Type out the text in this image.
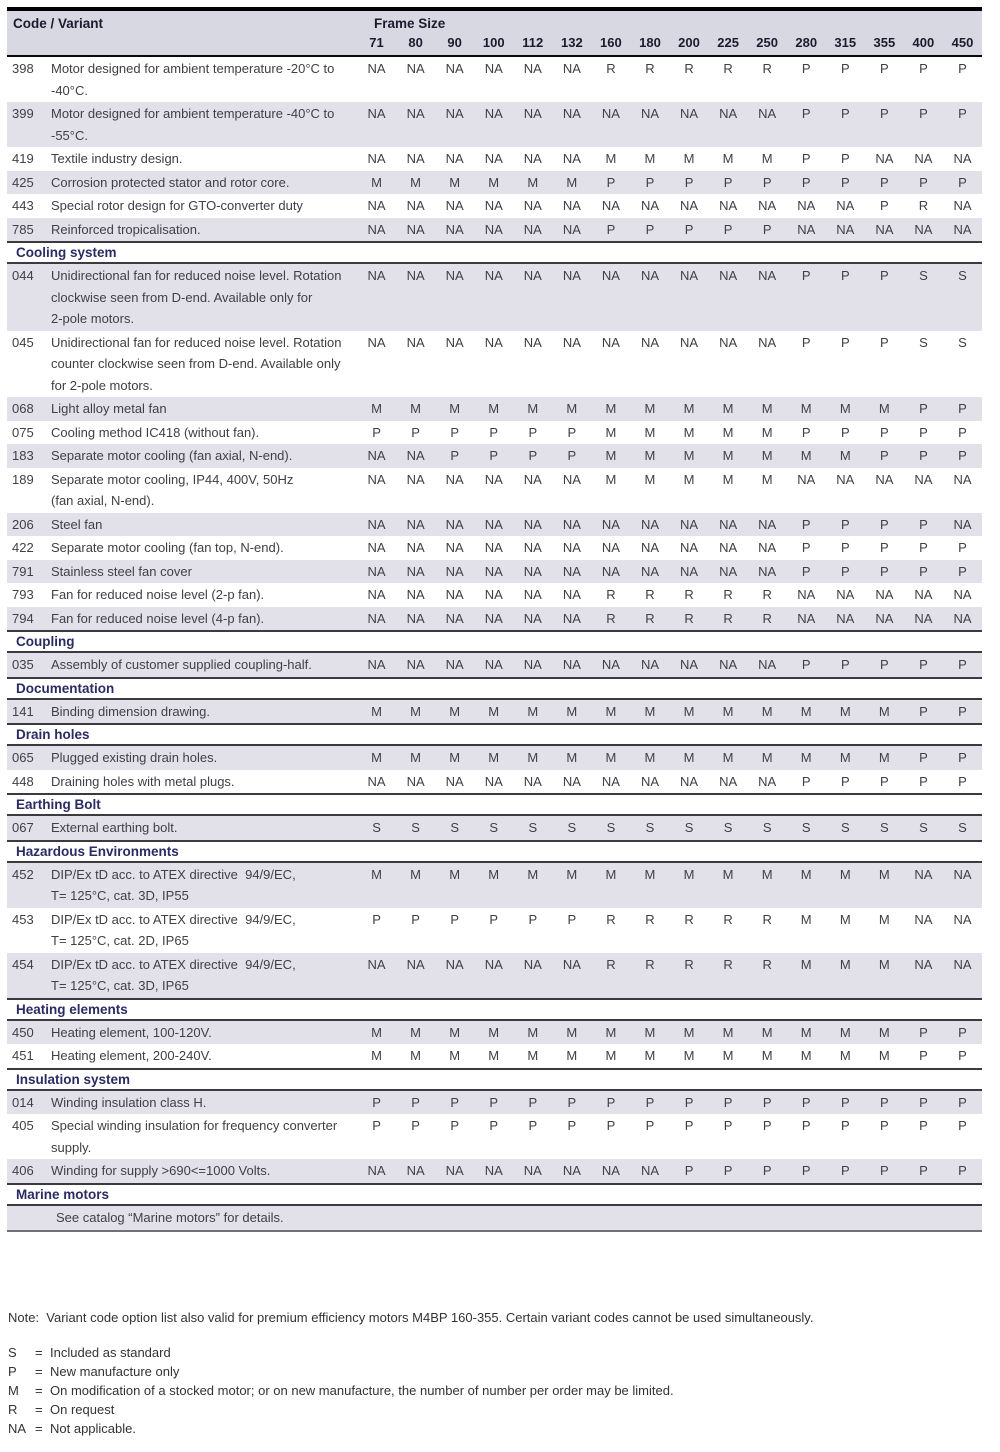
Code / Variant	Frame Size
71	80	90	100	112	132	160	180	200	225	250	280	315	355	400	450
398	Motor designed for ambient temperature -20°C to
-40°C.
NA	NA	NA	NA	NA	NA	R	R	R	R	R	P	P	P	P	P
399	Motor designed for ambient temperature -40°C to
-55°C.
NA	NA	NA	NA	NA	NA	NA	NA	NA	NA	NA	P	P	P	P	P
419	Textile industry design.	NA	NA	NA	NA	NA	NA	M	M	M	M	M	P	P	NA	NA	NA
425	Corrosion protected stator and rotor core.	M	M	M	M	M	M	P	P	P	P	P	P	P	P	P	P
443	Special rotor design for GTO-converter duty	NA	NA	NA	NA	NA	NA	NA	NA	NA	NA	NA	NA	NA	P	R	NA
785	Reinforced tropicalisation.	NA	NA	NA	NA	NA	NA	P	P	P	P	P	NA	NA	NA	NA	NA
Cooling system
044	Unidirectional fan for reduced noise level. Rotation
clockwise seen from D-end. Available only for
2-pole motors.
NA	NA	NA	NA	NA	NA	NA	NA	NA	NA	NA	P	P	P	S	S
045	Unidirectional fan for reduced noise level. Rotation
counter clockwise seen from D-end. Available only
for 2-pole motors.
NA	NA	NA	NA	NA	NA	NA	NA	NA	NA	NA	P	P	P	S	S
068	Light alloy metal fan	M	M	M	M	M	M	M	M	M	M	M	M	M	M	P	P
075	Cooling method IC418 (without fan).	P	P	P	P	P	P	M	M	M	M	M	P	P	P	P	P
183	Separate motor cooling (fan axial, N-end).	NA	NA	P	P	P	P	M	M	M	M	M	M	M	P	P	P
189	Separate motor cooling, IP44, 400V, 50Hz
(fan axial, N-end).
NA	NA	NA	NA	NA	NA	M	M	M	M	M	NA	NA	NA	NA	NA
206	Steel fan	NA	NA	NA	NA	NA	NA	NA	NA	NA	NA	NA	P	P	P	P	NA
422	Separate motor cooling (fan top, N-end).	NA	NA	NA	NA	NA	NA	NA	NA	NA	NA	NA	P	P	P	P	P
791	Stainless steel fan cover	NA	NA	NA	NA	NA	NA	NA	NA	NA	NA	NA	P	P	P	P	P
793	Fan for reduced noise level (2-p fan).	NA	NA	NA	NA	NA	NA	R	R	R	R	R	NA	NA	NA	NA	NA
794	Fan for reduced noise level (4-p fan).	NA	NA	NA	NA	NA	NA	R	R	R	R	R	NA	NA	NA	NA	NA
Coupling
035	Assembly of customer supplied coupling-half.	NA	NA	NA	NA	NA	NA	NA	NA	NA	NA	NA	P	P	P	P	P
Documentation
141	Binding dimension drawing.	M	M	M	M	M	M	M	M	M	M	M	M	M	M	P	P
Drain holes
065	Plugged existing drain holes.	M	M	M	M	M	M	M	M	M	M	M	M	M	M	P	P
448	Draining holes with metal plugs.	NA	NA	NA	NA	NA	NA	NA	NA	NA	NA	NA	P	P	P	P	P
Earthing Bolt
067	External earthing bolt.	S	S	S	S	S	S	S	S	S	S	S	S	S	S	S	S
Hazardous Environments
452	DIP/Ex tD acc. to ATEX directive  94/9/EC,
T= 125°C, cat. 3D, IP55
M	M	M	M	M	M	M	M	M	M	M	M	M	M	NA	NA
453	DIP/Ex tD acc. to ATEX directive  94/9/EC,
T= 125°C, cat. 2D, IP65
P	P	P	P	P	P	R	R	R	R	R	M	M	M	NA	NA
454	DIP/Ex tD acc. to ATEX directive  94/9/EC,
T= 125°C, cat. 3D, IP65
NA	NA	NA	NA	NA	NA	R	R	R	R	R	M	M	M	NA	NA
Heating elements
450	Heating element, 100-120V.	M	M	M	M	M	M	M	M	M	M	M	M	M	M	P	P
451	Heating element, 200-240V.	M	M	M	M	M	M	M	M	M	M	M	M	M	M	P	P
Insulation system
014	Winding insulation class H.	P	P	P	P	P	P	P	P	P	P	P	P	P	P	P	P
405	Special winding insulation for frequency converter
supply.
P	P	P	P	P	P	P	P	P	P	P	P	P	P	P	P
406	Winding for supply >690<=1000 Volts.	NA	NA	NA	NA	NA	NA	NA	NA	P	P	P	P	P	P	P	P
Marine motors
See catalog “Marine motors” for details.
Note:  Variant code option list also valid for premium efficiency motors M4BP 160-355. Certain variant codes cannot be used simultaneously.
S	= Included as standard
P	= New manufacture only
M	= On modification of a stocked motor; or on new manufacture, the number of number per order may be limited.
R	= On request
NA = Not applicable.
